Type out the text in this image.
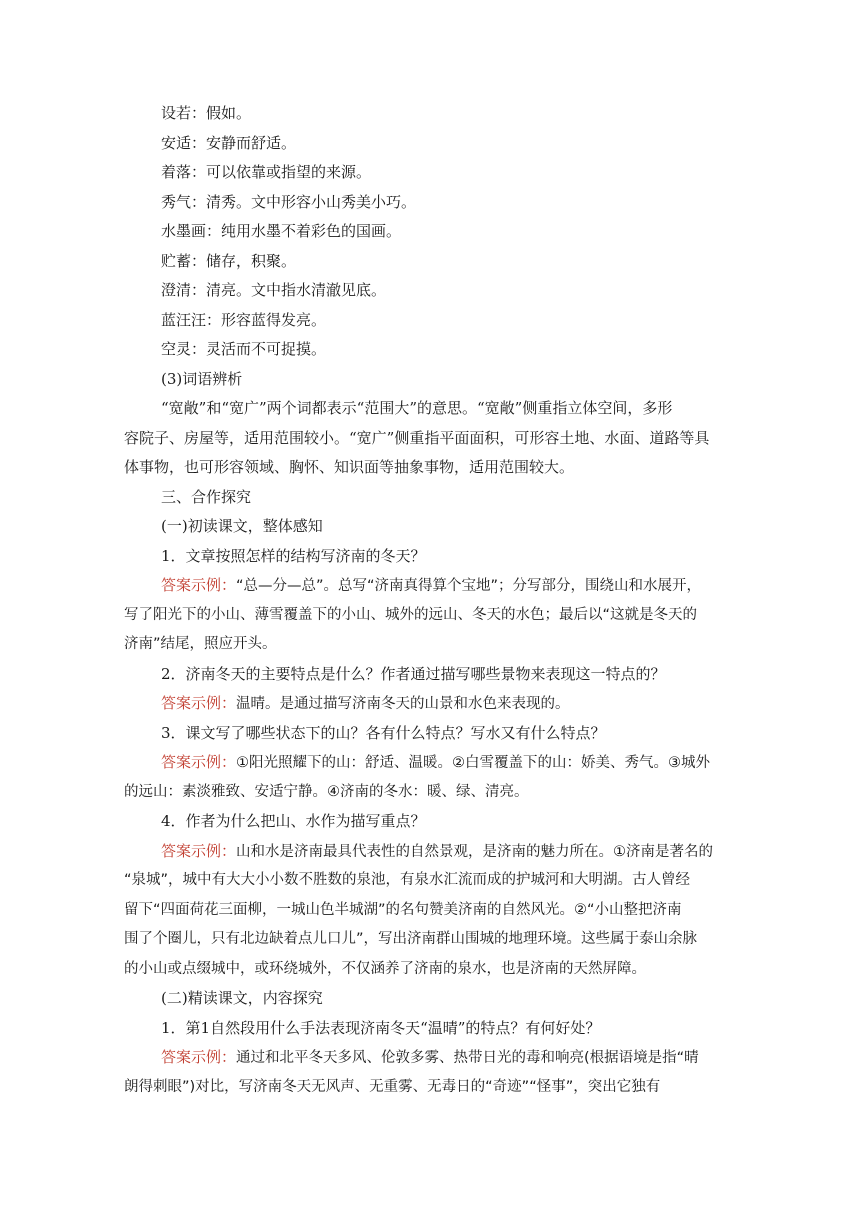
设若：假如。
安适：安静而舒适。
着落：可以依靠或指望的来源。
秀气：清秀。文中形容小山秀美小巧。
水墨画：纯用水墨不着彩色的国画。
贮蓄：储存，积聚。
澄清：清亮。文中指水清澈见底。
蓝汪汪：形容蓝得发亮。
空灵：灵活而不可捉摸。
(3)词语辨析
“宽敞”和“宽广”两个词都表示“范围大”的意思。“宽敞”侧重指立体空间，多形
容院子、房屋等，适用范围较小。“宽广”侧重指平面面积，可形容土地、水面、道路等具
体事物，也可形容领域、胸怀、知识面等抽象事物，适用范围较大。
三、合作探究
(一)初读课文，整体感知
1．文章按照怎样的结构写济南的冬天？
答案示例：“总—分—总”。总写“济南真得算个宝地”；分写部分，围绕山和水展开，
写了阳光下的小山、薄雪覆盖下的小山、城外的远山、冬天的水色；最后以“这就是冬天的
济南”结尾，照应开头。
2．济南冬天的主要特点是什么？作者通过描写哪些景物来表现这一特点的？
答案示例：温晴。是通过描写济南冬天的山景和水色来表现的。
3．课文写了哪些状态下的山？各有什么特点？写水又有什么特点？
答案示例：①阳光照耀下的山：舒适、温暖。②白雪覆盖下的山：娇美、秀气。③城外
的远山：素淡雅致、安适宁静。④济南的冬水：暖、绿、清亮。
4．作者为什么把山、水作为描写重点？
答案示例：山和水是济南最具代表性的自然景观，是济南的魅力所在。①济南是著名的
“泉城”，城中有大大小小数不胜数的泉池，有泉水汇流而成的护城河和大明湖。古人曾经
留下“四面荷花三面柳，一城山色半城湖”的名句赞美济南的自然风光。②“小山整把济南
围了个圈儿，只有北边缺着点儿口儿”，写出济南群山围城的地理环境。这些属于泰山余脉
的小山或点缀城中，或环绕城外，不仅涵养了济南的泉水，也是济南的天然屏障。
(二)精读课文，内容探究
1．第1自然段用什么手法表现济南冬天“温晴”的特点？有何好处？
答案示例：通过和北平冬天多风、伦敦多雾、热带日光的毒和响亮(根据语境是指“晴
朗得刺眼”)对比，写济南冬天无风声、无重雾、无毒日的“奇迹”“怪事”，突出它独有
